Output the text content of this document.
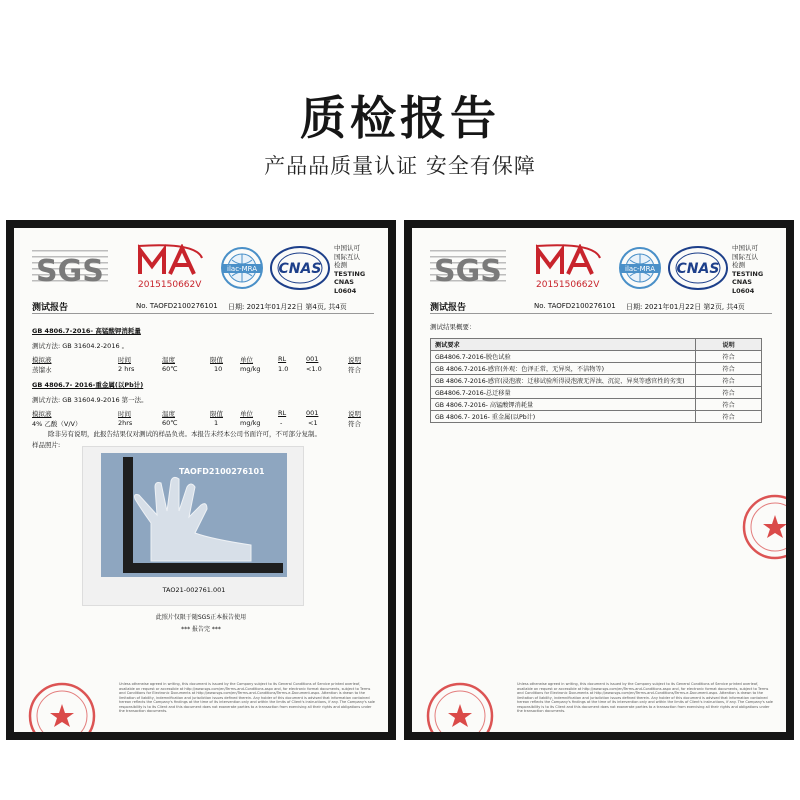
质检报告
产品品质量认证 安全有保障
SGS	2015150662V
ilac-MRA CNAS
中国认可
国际互认
检测
TESTING
CNAS L0604
测试报告	No. TAOFD2100276101 日期: 2021年01月22日 第4页, 共4页
GB 4806.7-2016- 高锰酸钾消耗量
测试方法: GB 31604.2-2016 。
模拟液	时间	温度	限值	单位	RL	001	说明
蒸馏水	2 hrs	60℃	10	mg/kg	1.0	<1.0	符合
GB 4806.7- 2016-重金属(以Pb计)
测试方法: GB 31604.9-2016 第一法。
模拟液	时间	温度	限值	单位	RL	001	说明
4% 乙酸（V/V）	2hrs	60℃	1	mg/kg	-	<1	符合
除非另有说明，此报告结果仅对测试的样品负责。本报告未经本公司书面许可，不可部分复制。
样品照片:
TAOFD2100276101
TAO21-002761.001
此照片仅限于随SGS正本报告使用
*** 报告完 ***
Unless otherwise agreed in writing, this document is issued by the Company subject to its General Conditions of Service printed overleaf, available on request or accessible at http://www.sgs.com/en/Terms-and-Conditions.aspx and, for electronic format documents, subject to Terms and Conditions for Electronic Documents at http://www.sgs.com/en/Terms-and-Conditions/Terms-e-Document.aspx. Attention is drawn to the limitation of liability, indemnification and jurisdiction issues defined therein. Any holder of this document is advised that information contained hereon reflects the Company's findings at the time of its intervention only and within the limits of Client's instructions, if any. The Company's sole responsibility is to its Client and this document does not exonerate parties to a transaction from exercising all their rights and obligations under the transaction documents.
SGS	2015150662V
ilac-MRA CNAS
中国认可
国际互认
检测
TESTING
CNAS L0604
测试报告	No. TAOFD2100276101 日期: 2021年01月22日 第2页, 共4页
测试结果概要：
测试要求	说明
GB4806.7-2016-脱色试验	符合
GB 4806.7-2016-感官(外观：色泽正常，无异臭，不洁物等)	符合
GB 4806.7-2016-感官(浸泡液：迁移试验所得浸泡液无浑浊、沉淀、异臭等感官性的劣变)	符合
GB4806.7-2016-总迁移量	符合
GB 4806.7-2016- 高锰酸钾消耗量	符合
GB 4806.7- 2016- 重金属(以Pb计)	符合
Unless otherwise agreed in writing, this document is issued by the Company subject to its General Conditions of Service printed overleaf, available on request or accessible at http://www.sgs.com/en/Terms-and-Conditions.aspx and, for electronic format documents, subject to Terms and Conditions for Electronic Documents at http://www.sgs.com/en/Terms-and-Conditions/Terms-e-Document.aspx. Attention is drawn to the limitation of liability, indemnification and jurisdiction issues defined therein. Any holder of this document is advised that information contained hereon reflects the Company's findings at the time of its intervention only and within the limits of Client's instructions, if any. The Company's sole responsibility is to its Client and this document does not exonerate parties to a transaction from exercising all their rights and obligations under the transaction documents.
